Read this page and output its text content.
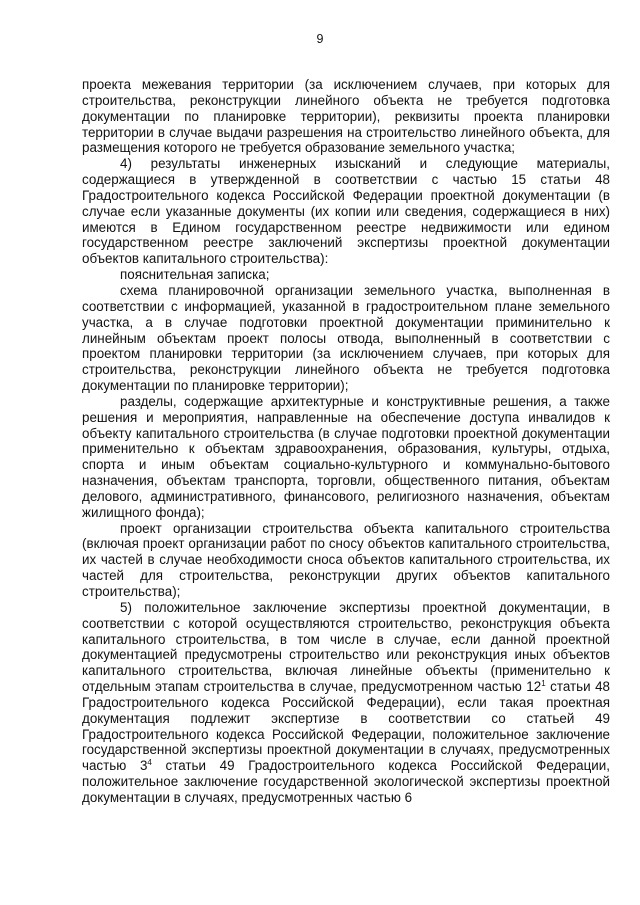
9

проекта межевания территории (за исключением случаев, при которых для строительства, реконструкции линейного объекта не требуется подготовка документации по планировке территории), реквизиты проекта планировки территории в случае выдачи разрешения на строительство линейного объекта, для размещения которого не требуется образование земельного участка;

4) результаты инженерных изысканий и следующие материалы, содержащиеся в утвержденной в соответствии с частью 15 статьи 48 Градостроительного кодекса Российской Федерации проектной документации (в случае если указанные документы (их копии или сведения, содержащиеся в них) имеются в Едином государственном реестре недвижимости или едином государственном реестре заключений экспертизы проектной документации объектов капитального строительства):

пояснительная записка;

схема планировочной организации земельного участка, выполненная в соответствии с информацией, указанной в градостроительном плане земельного участка, а в случае подготовки проектной документации приминительно к линейным объектам проект полосы отвода, выполненный в соответствии с проектом планировки территории (за исключением случаев, при которых для строительства, реконструкции линейного объекта не требуется подготовка документации по планировке территории);

разделы, содержащие архитектурные и конструктивные решения, а также решения и мероприятия, направленные на обеспечение доступа инвалидов к объекту капитального строительства (в случае подготовки проектной документации применительно к объектам здравоохранения, образования, культуры, отдыха, спорта и иным объектам социально-культурного и коммунально-бытового назначения, объектам транспорта, торговли, общественного питания, объектам делового, административного, финансового, религиозного назначения, объектам жилищного фонда);

проект организации строительства объекта капитального строительства (включая проект организации работ по сносу объектов капитального строительства, их частей в случае необходимости сноса объектов капитального строительства, их частей для строительства, реконструкции других объектов капитального строительства);

5) положительное заключение экспертизы проектной документации, в соответствии с которой осуществляются строительство, реконструкция объекта капитального строительства, в том числе в случае, если данной проектной документацией предусмотрены строительство или реконструкция иных объектов капитального строительства, включая линейные объекты (применительно к отдельным этапам строительства в случае, предусмотренном частью $12^1$ статьи 48 Градостроительного кодекса Российской Федерации), если такая проектная документация подлежит экспертизе в соответствии со статьей 49 Градостроительного кодекса Российской Федерации, положительное заключение государственной экспертизы проектной документации в случаях, предусмотренных частью $3^4$ статьи 49 Градостроительного кодекса Российской Федерации, положительное заключение государственной экологической экспертизы проектной документации в случаях, предусмотренных частью 6
